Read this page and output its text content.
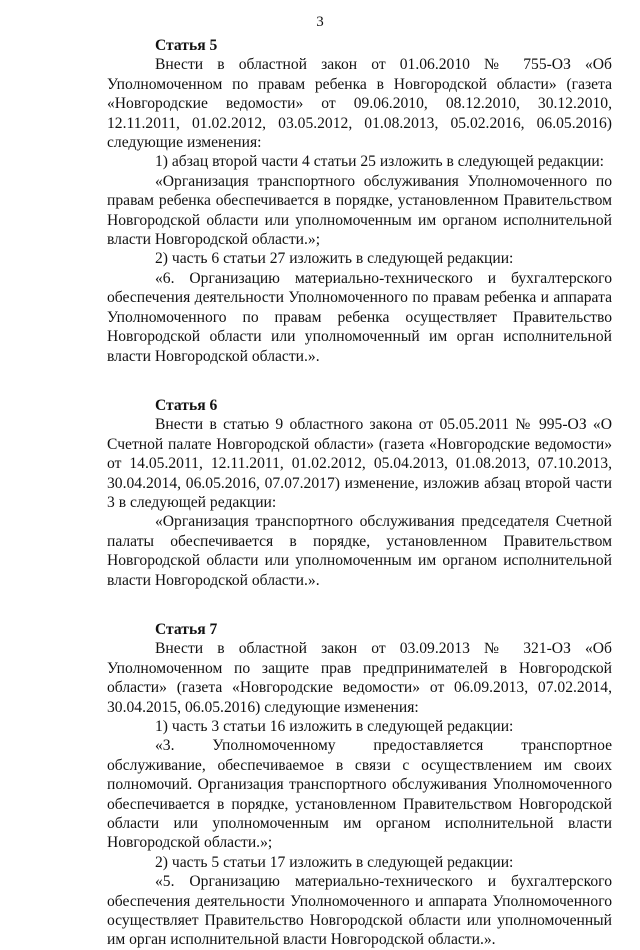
3

Статья 5

Внести в областной закон от 01.06.2010 № 755-ОЗ «Об Уполномоченном по правам ребенка в Новгородской области» (газета «Новгородские ведомости» от 09.06.2010, 08.12.2010, 30.12.2010, 12.11.2011, 01.02.2012, 03.05.2012, 01.08.2013, 05.02.2016, 06.05.2016) следующие изменения:

1) абзац второй части 4 статьи 25 изложить в следующей редакции:

«Организация транспортного обслуживания Уполномоченного по правам ребенка обеспечивается в порядке, установленном Правительством Новгородской области или уполномоченным им органом исполнительной власти Новгородской области.»;

2) часть 6 статьи 27 изложить в следующей редакции:

«6. Организацию материально-технического и бухгалтерского обеспечения деятельности Уполномоченного по правам ребенка и аппарата Уполномоченного по правам ребенка осуществляет Правительство Новгородской области или уполномоченный им орган исполнительной власти Новгородской области.».

Статья 6

Внести в статью 9 областного закона от 05.05.2011 № 995-ОЗ «О Счетной палате Новгородской области» (газета «Новгородские ведомости» от 14.05.2011, 12.11.2011, 01.02.2012, 05.04.2013, 01.08.2013, 07.10.2013, 30.04.2014, 06.05.2016, 07.07.2017) изменение, изложив абзац второй части 3 в следующей редакции:

«Организация транспортного обслуживания председателя Счетной палаты обеспечивается в порядке, установленном Правительством Новгородской области или уполномоченным им органом исполнительной власти Новгородской области.».

Статья 7

Внести в областной закон от 03.09.2013 № 321-ОЗ «Об Уполномоченном по защите прав предпринимателей в Новгородской области» (газета «Новгородские ведомости» от 06.09.2013, 07.02.2014, 30.04.2015, 06.05.2016) следующие изменения:

1) часть 3 статьи 16 изложить в следующей редакции:

«3. Уполномоченному предоставляется транспортное обслуживание, обеспечиваемое в связи с осуществлением им своих полномочий. Организация транспортного обслуживания Уполномоченного обеспечивается в порядке, установленном Правительством Новгородской области или уполномоченным им органом исполнительной власти Новгородской области.»;

2) часть 5 статьи 17 изложить в следующей редакции:

«5. Организацию материально-технического и бухгалтерского обеспечения деятельности Уполномоченного и аппарата Уполномоченного осуществляет Правительство Новгородской области или уполномоченный им орган исполнительной власти Новгородской области.».
